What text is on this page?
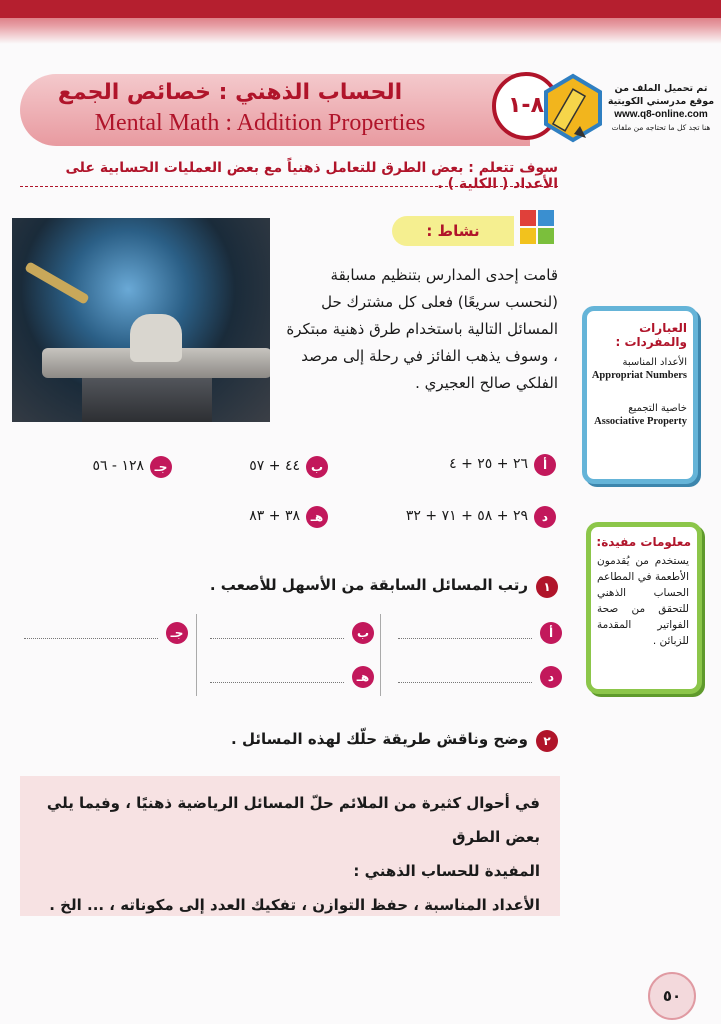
الحساب الذهني : خصائص الجمع
Mental Math : Addition Properties
٨-١
تم تحميل الملف من
موقع مدرستي الكويتية
www.q8-online.com
هنا تجد كل ما تحتاجه من ملفات
سوف تتعلم : بعض الطرق للتعامل ذهنياً مع بعض العمليات الحسابية على الأعداد ( الكلية ) .
نشاط :
قامت إحدى المدارس بتنظيم مسابقة (لنحسب سريعًا) فعلى كل مشترك حل المسائل التالية باستخدام طرق ذهنية مبتكرة ، وسوف يذهب الفائز في رحلة إلى مرصد الفلكي صالح العجيري .
العبارات والمفردات :
الأعداد المناسبة
Appropriat Numbers
خاصية التجميع
Associative Property
معلومات مفيدة:

يستخدم من يُقدمون الأطعمة في المطاعم الحساب الذهني للتحقق من صحة الفواتير المقدمة للزبائن .

أ
٢٦ + ٢٥ + ٤
ب
٤٤ + ٥٧
جـ
١٢٨ - ٥٦
د
٢٩ + ٥٨ + ٧١ + ٣٢
هـ
٣٨ + ٨٣
١
رتب المسائل السابقة من الأسهل للأصعب .
أ
ب
جـ
د
هـ
٢
وضح وناقش طريقة حلّك لهذه المسائل .

في أحوال كثيرة من الملائم حلّ المسائل الرياضية ذهنيًا ، وفيما يلي بعض الطرق

المفيدة للحساب الذهني :

الأعداد المناسبة ، حفظ التوازن ، تفكيك العدد إلى مكوناته ، ... الخ .

٥٠
